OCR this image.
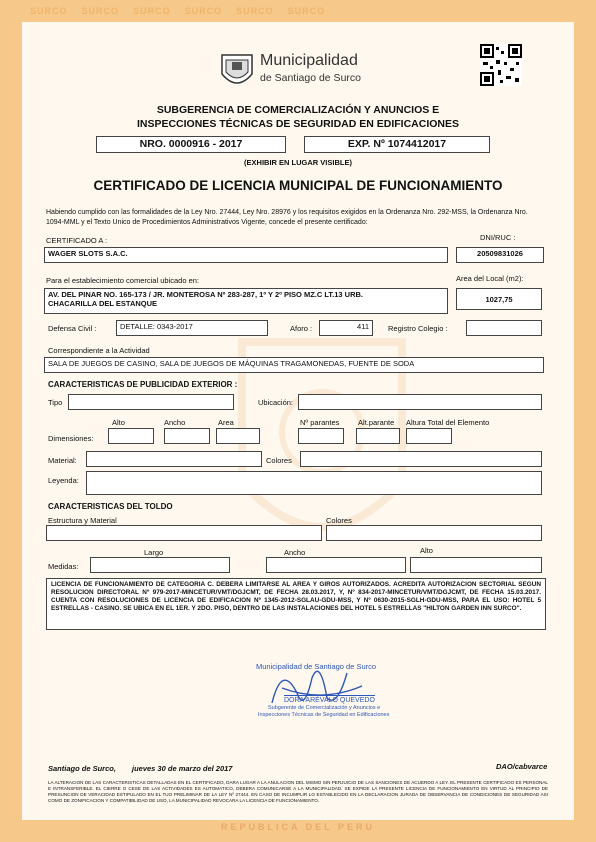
SURCO SURCO SURCO SURCO SURCO SURCO
Municipalidad
de Santiago de Surco
SUBGERENCIA DE COMERCIALIZACIÓN Y ANUNCIOS E
INSPECCIONES TÉCNICAS DE SEGURIDAD EN EDIFICACIONES
NRO. 0000916 - 2017	EXP. Nº 1074412017
(EXHIBIR EN LUGAR VISIBLE)
CERTIFICADO DE LICENCIA MUNICIPAL DE FUNCIONAMIENTO
Habiendo cumplido con las formalidades de la Ley Nro. 27444, Ley Nro. 28976 y los requisitos exigidos en la Ordenanza Nro. 292-MSS, la Ordenanza Nro. 1094-MML y el Texto Unico de Procedimientos Administrativos Vigente, concede el presente certificado:
CERTIFICADO A :	DNI/RUC :
WAGER SLOTS S.A.C.	20509831026
Para el establecimiento comercial ubicado en:	Area del Local (m2):
AV. DEL PINAR NO. 165-173 / JR. MONTEROSA Nº 283-287, 1º Y 2º PISO MZ.C LT.13 URB.
CHACARILLA DEL ESTANQUE	1027,75
Defensa Civil :	DETALLE: 0343-2017	Aforo :	411	Registro Colegio :
Correspondiente a la Actividad
SALA DE JUEGOS DE CASINO, SALA DE JUEGOS DE MÁQUINAS TRAGAMONEDAS, FUENTE DE SODA
CARACTERISTICAS DE PUBLICIDAD EXTERIOR :
Tipo	Ubicación:
Alto	Ancho	Area	Nº parantes Alt.parante Altura Total del Elemento
Dimensiones:
Material:	Colores
Leyenda:
CARACTERISTICAS DEL TOLDO
Estructura y Material	Colores
Largo	Ancho	Alto
Medidas:
LICENCIA DE FUNCIONAMIENTO DE CATEGORIA C. DEBERA LIMITARSE AL AREA Y GIROS AUTORIZADOS. ACREDITA AUTORIZACION SECTORIAL SEGUN RESOLUCION DIRECTORAL Nº 979-2017-MINCETUR/VMT/DGJCMT, DE FECHA 28.03.2017, Y, Nº 834-2017-MINCETUR/VMT/DGJCMT, DE FECHA 15.03.2017. CUENTA CON RESOLUCIONES DE LICENCIA DE EDIFICACION Nº 1345-2012-SGLAU-GDU-MSS, Y Nº 0630-2015-SGLH-GDU-MSS, PARA EL USO: HOTEL 5 ESTRELLAS - CASINO. SE UBICA EN EL 1ER. Y 2DO. PISO, DENTRO DE LAS INSTALACIONES DEL HOTEL 5 ESTRELLAS "HILTON GARDEN INN SURCO".
Municipalidad de Santiago de Surco
DORA ARÉVALO QUEVEDO
Subgerente de Comercialización y Anuncios e
Inspecciones Técnicas de Seguridad en Edificaciones
Santiago de Surco, jueves 30 de marzo del 2017	DAO/cabvarce
LA ALTERACION DE LAS CARACTERISTICAS DETALLADAS EN EL CERTIFICADO, DARA LUGAR A LA ANULACION DEL MISMO SIN PERJUICIO DE LAS SANCIONES DE ACUERDO A LEY. EL PRESENTE CERTIFICADO ES PERSONAL E INTRANSFERIBLE. EL CIERRE O CESE DE LAS ACTIVIDADES ES AUTOMATICO, DEBERA COMUNICARSE A LA MUNICIPALIDAD. SE EXPIDE LA PRESENTE LICENCIA DE FUNCIONAMIENTO EN VIRTUD AL PRINCIPIO DE PRESUNCION DE VERACIDAD ESTIPULADO EN EL TUO PRELIMINAR DE LA LEY Nº 27444. EN CASO DE INCUMPLIR LO ESTABLECIDO EN LA DECLARACION JURADA DE OBSERVANCIA DE CONDICIONES DE SEGURIDAD ASI COMO DE ZONIFICACION Y COMPATIBILIDAD DE USO, LA MUNICIPALIDAD REVOCARA LA LICENCIA DE FUNCIONAMIENTO.
REPUBLICA DEL PERU
